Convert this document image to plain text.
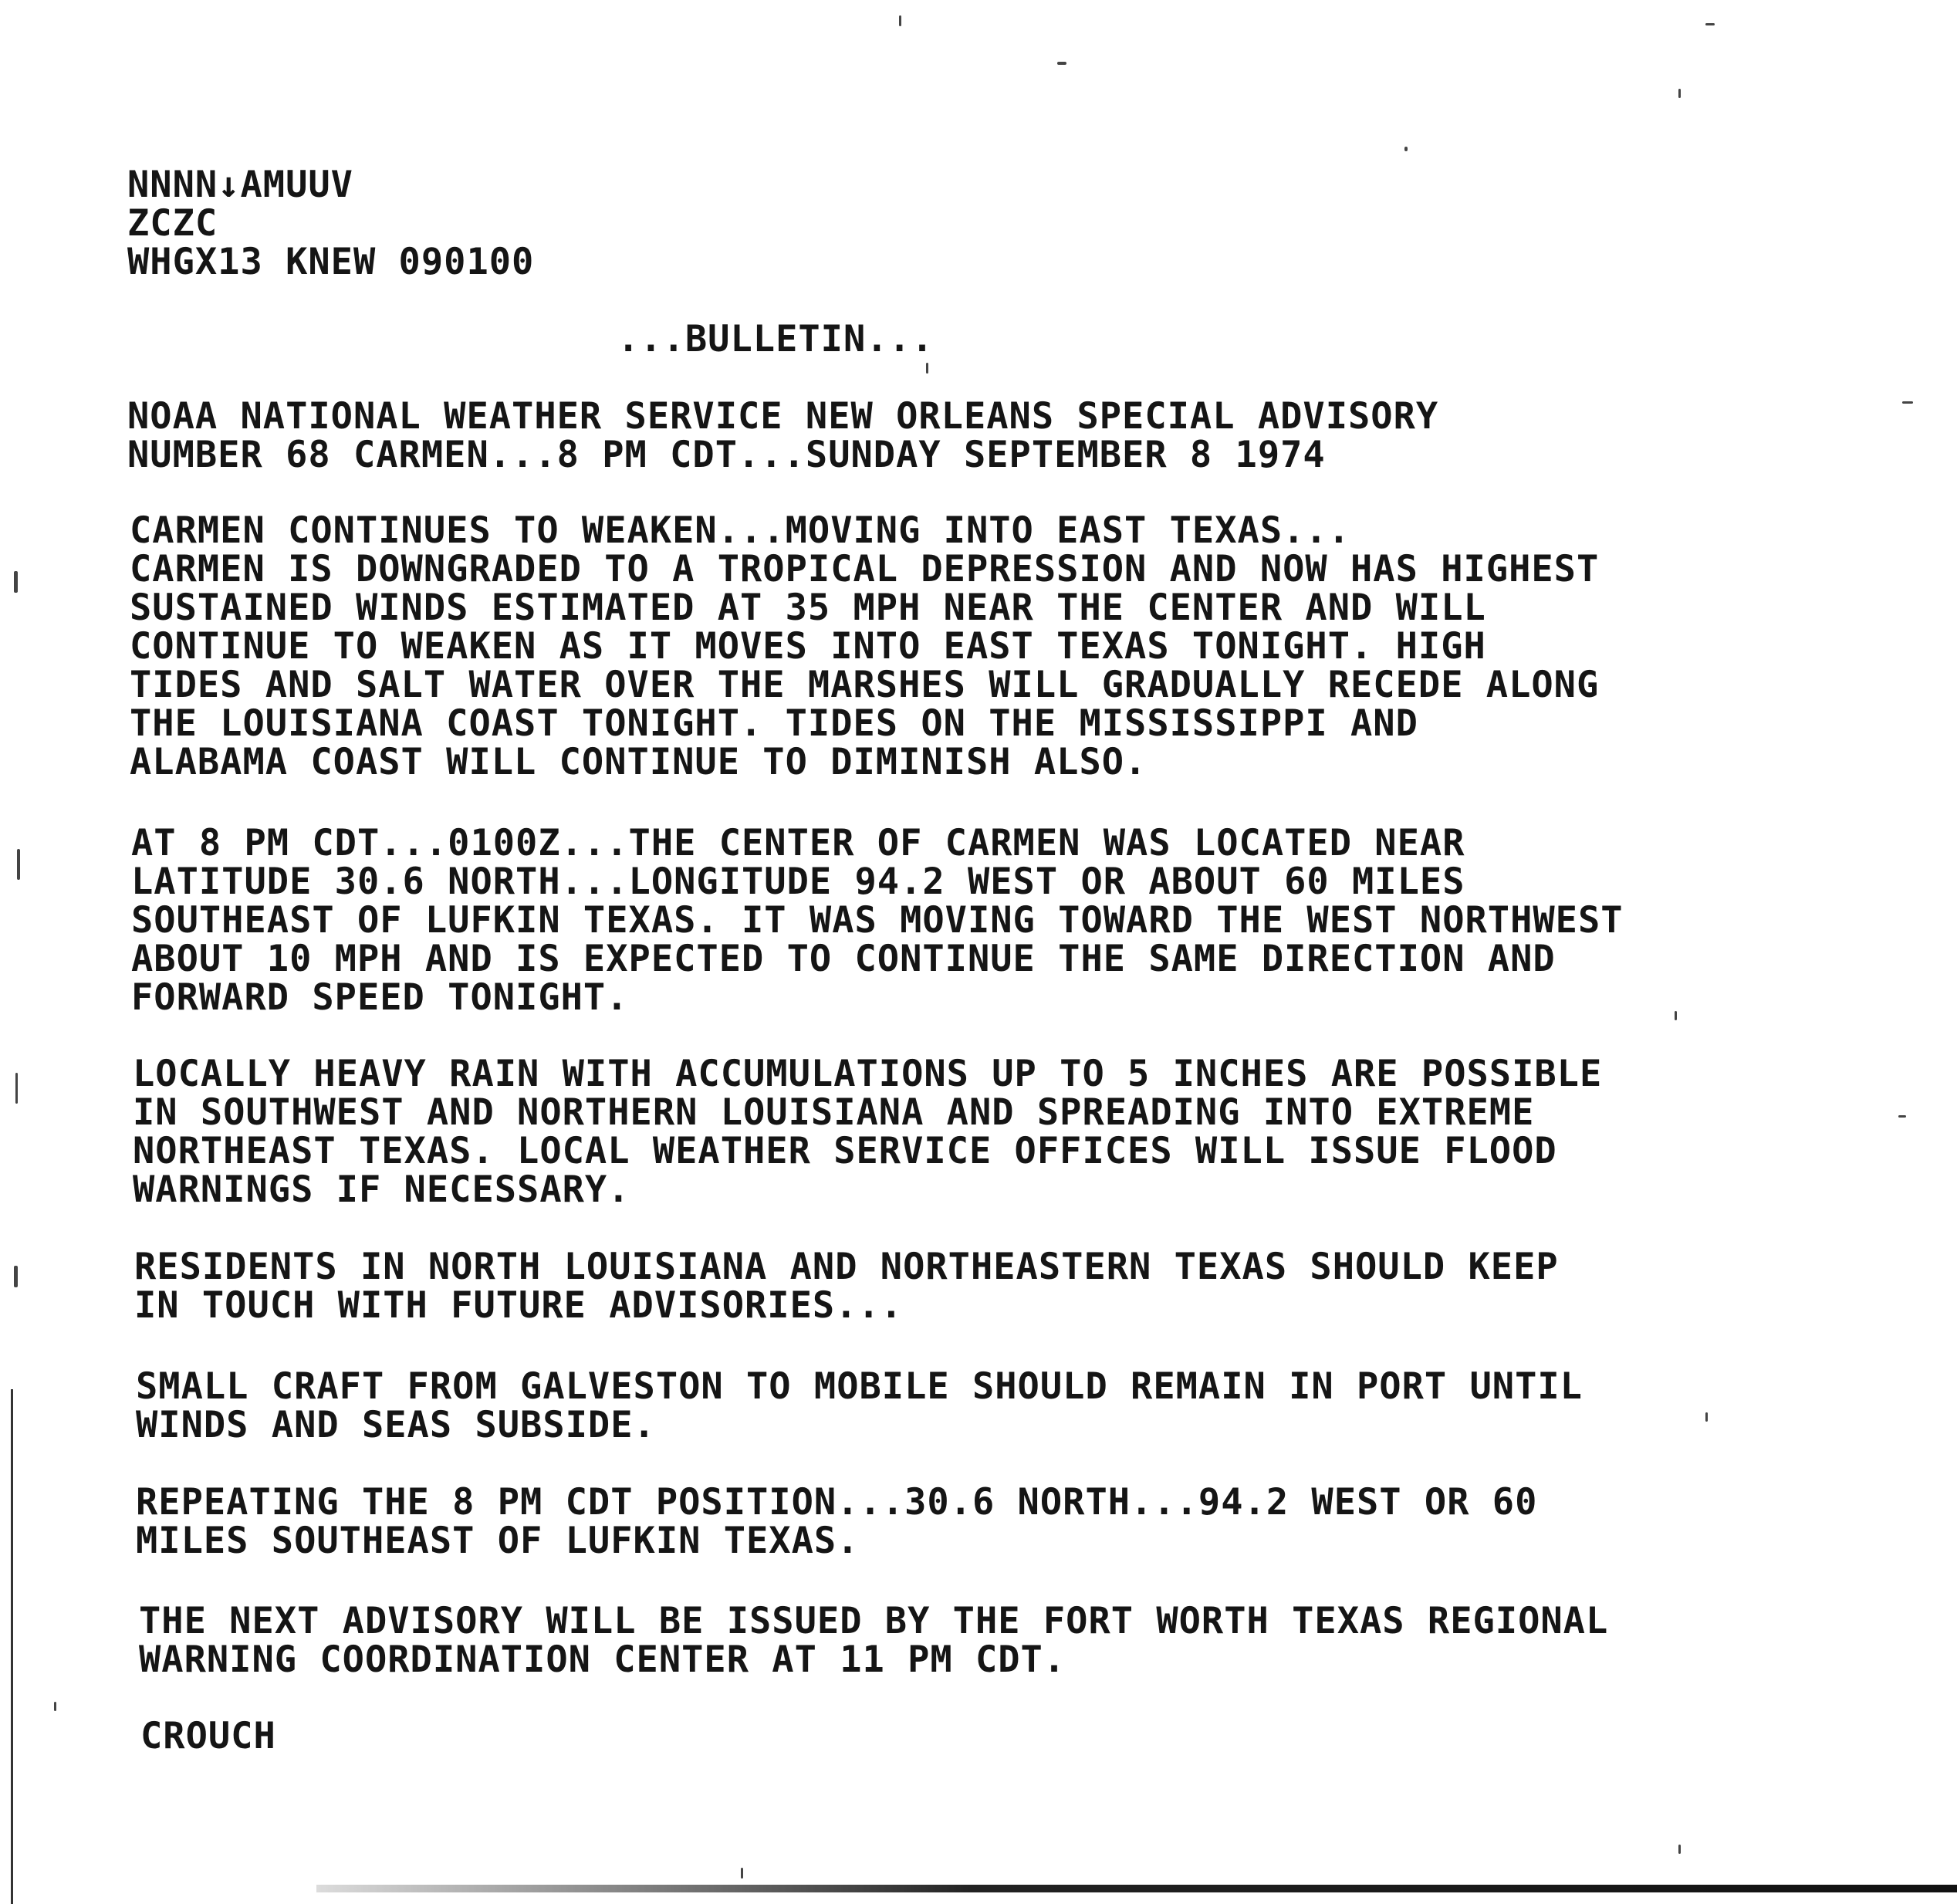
NNNN↓AMUUV
ZCZC
WHGX13 KNEW 090100
...BULLETIN...
NOAA NATIONAL WEATHER SERVICE NEW ORLEANS SPECIAL ADVISORY
NUMBER 68 CARMEN...8 PM CDT...SUNDAY SEPTEMBER 8 1974
CARMEN CONTINUES TO WEAKEN...MOVING INTO EAST TEXAS...
CARMEN IS DOWNGRADED TO A TROPICAL DEPRESSION AND NOW HAS HIGHEST
SUSTAINED WINDS ESTIMATED AT 35 MPH NEAR THE CENTER AND WILL
CONTINUE TO WEAKEN AS IT MOVES INTO EAST TEXAS TONIGHT. HIGH
TIDES AND SALT WATER OVER THE MARSHES WILL GRADUALLY RECEDE ALONG
THE LOUISIANA COAST TONIGHT. TIDES ON THE MISSISSIPPI AND
ALABAMA COAST WILL CONTINUE TO DIMINISH ALSO.
AT 8 PM CDT...0100Z...THE CENTER OF CARMEN WAS LOCATED NEAR
LATITUDE 30.6 NORTH...LONGITUDE 94.2 WEST OR ABOUT 60 MILES
SOUTHEAST OF LUFKIN TEXAS. IT WAS MOVING TOWARD THE WEST NORTHWEST
ABOUT 10 MPH AND IS EXPECTED TO CONTINUE THE SAME DIRECTION AND
FORWARD SPEED TONIGHT.
LOCALLY HEAVY RAIN WITH ACCUMULATIONS UP TO 5 INCHES ARE POSSIBLE
IN SOUTHWEST AND NORTHERN LOUISIANA AND SPREADING INTO EXTREME
NORTHEAST TEXAS. LOCAL WEATHER SERVICE OFFICES WILL ISSUE FLOOD
WARNINGS IF NECESSARY.
RESIDENTS IN NORTH LOUISIANA AND NORTHEASTERN TEXAS SHOULD KEEP
IN TOUCH WITH FUTURE ADVISORIES...
SMALL CRAFT FROM GALVESTON TO MOBILE SHOULD REMAIN IN PORT UNTIL
WINDS AND SEAS SUBSIDE.
REPEATING THE 8 PM CDT POSITION...30.6 NORTH...94.2 WEST OR 60
MILES SOUTHEAST OF LUFKIN TEXAS.
THE NEXT ADVISORY WILL BE ISSUED BY THE FORT WORTH TEXAS REGIONAL
WARNING COORDINATION CENTER AT 11 PM CDT.
CROUCH
